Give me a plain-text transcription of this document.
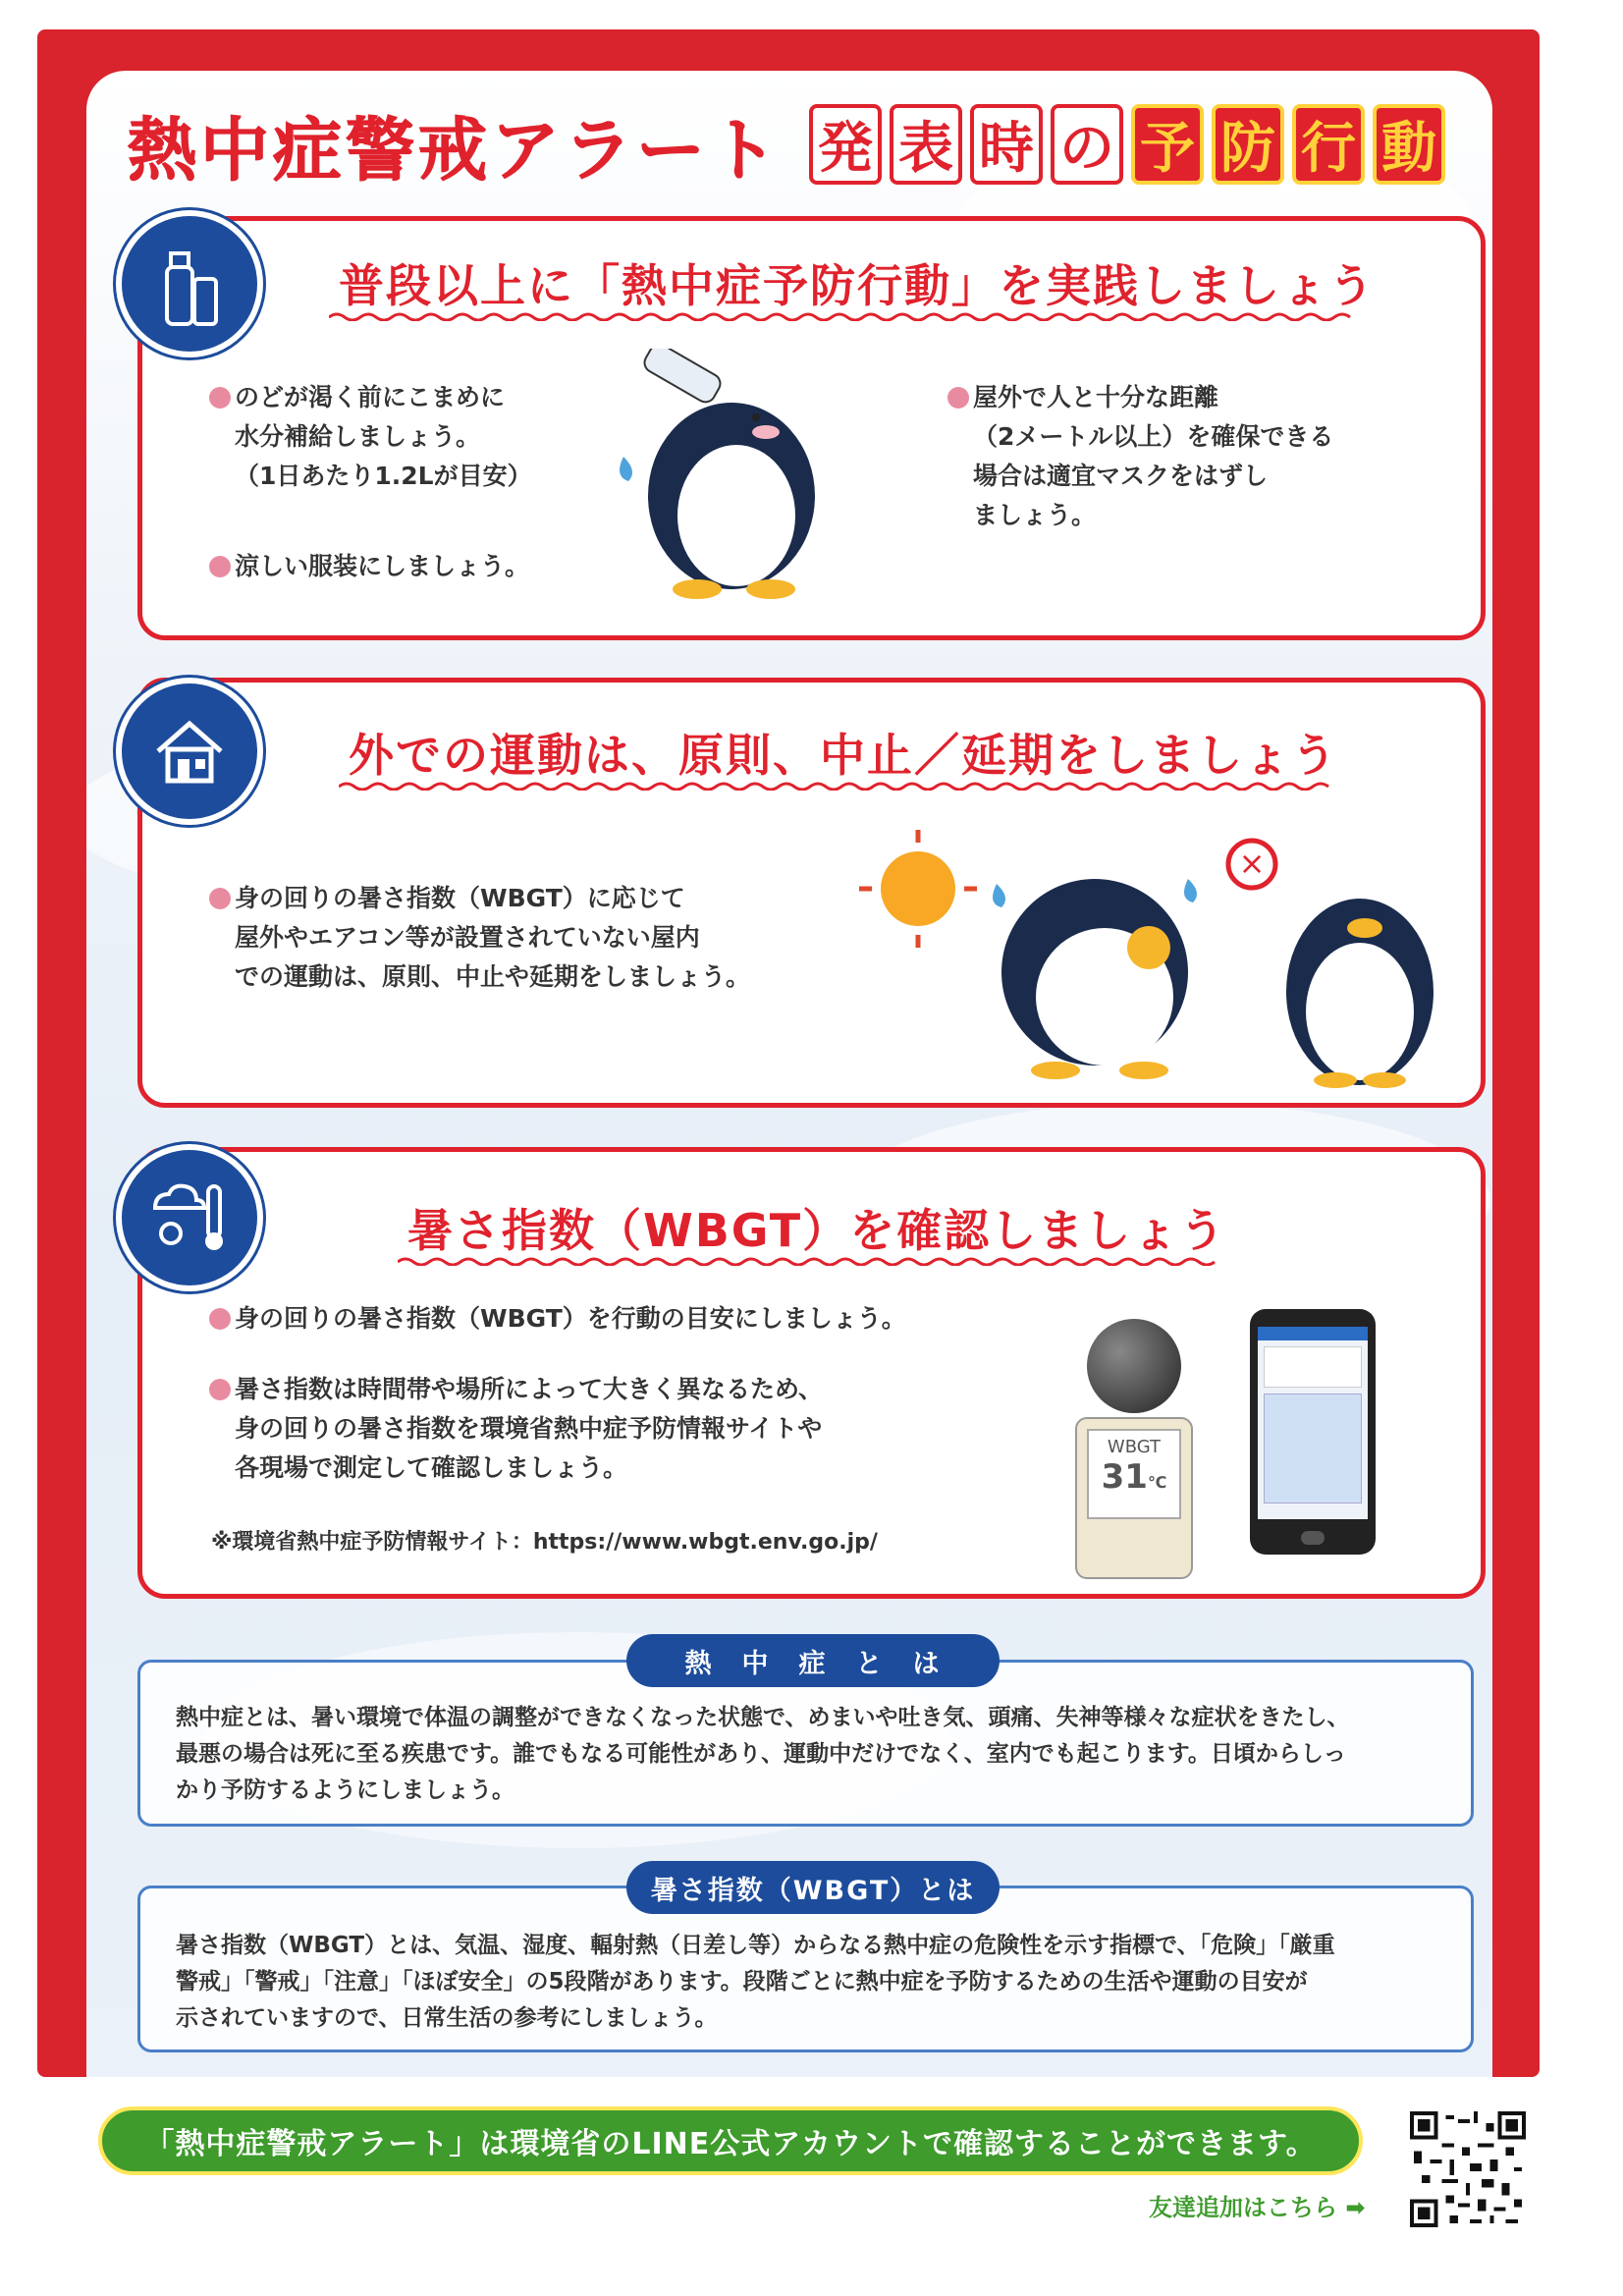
熱中症警戒アラート 発 表 時 の 予 防 行 動
普段以上に「熱中症予防行動」を実践しましょう
のどが渇く前にこまめに
水分補給しましょう。
（1日あたり1.2Lが目安）
涼しい服装にしましょう。
屋外で人と十分な距離
（2メートル以上）を確保できる
場合は適宜マスクをはずし
ましょう。
外での運動は、原則、中止／延期をしましょう
身の回りの暑さ指数（WBGT）に応じて
屋外やエアコン等が設置されていない屋内
での運動は、原則、中止や延期をしましょう。
×
暑さ指数（WBGT）を確認しましょう
身の回りの暑さ指数（WBGT）を行動の目安にしましょう。
暑さ指数は時間帯や場所によって大きく異なるため、
身の回りの暑さ指数を環境省熱中症予防情報サイトや
各現場で測定して確認しましょう。
※環境省熱中症予防情報サイト：https://www.wbgt.env.go.jp/
WBGT
31℃
熱中症とは、暑い環境で体温の調整ができなくなった状態で、めまいや吐き気、頭痛、失神等様々な症状をきたし、
最悪の場合は死に至る疾患です。誰でもなる可能性があり、運動中だけでなく、室内でも起こります。日頃からしっ
かり予防するようにしましょう。
熱　中　症　と　は
暑さ指数（WBGT）とは、気温、湿度、輻射熱（日差し等）からなる熱中症の危険性を示す指標で、「危険」「厳重
警戒」「警戒」「注意」「ほぼ安全」の5段階があります。段階ごとに熱中症を予防するための生活や運動の目安が
示されていますので、日常生活の参考にしましょう。
暑さ指数（WBGT）とは
「熱中症警戒アラート」は環境省のLINE公式アカウントで確認することができます。
友達追加はこちら ➡
